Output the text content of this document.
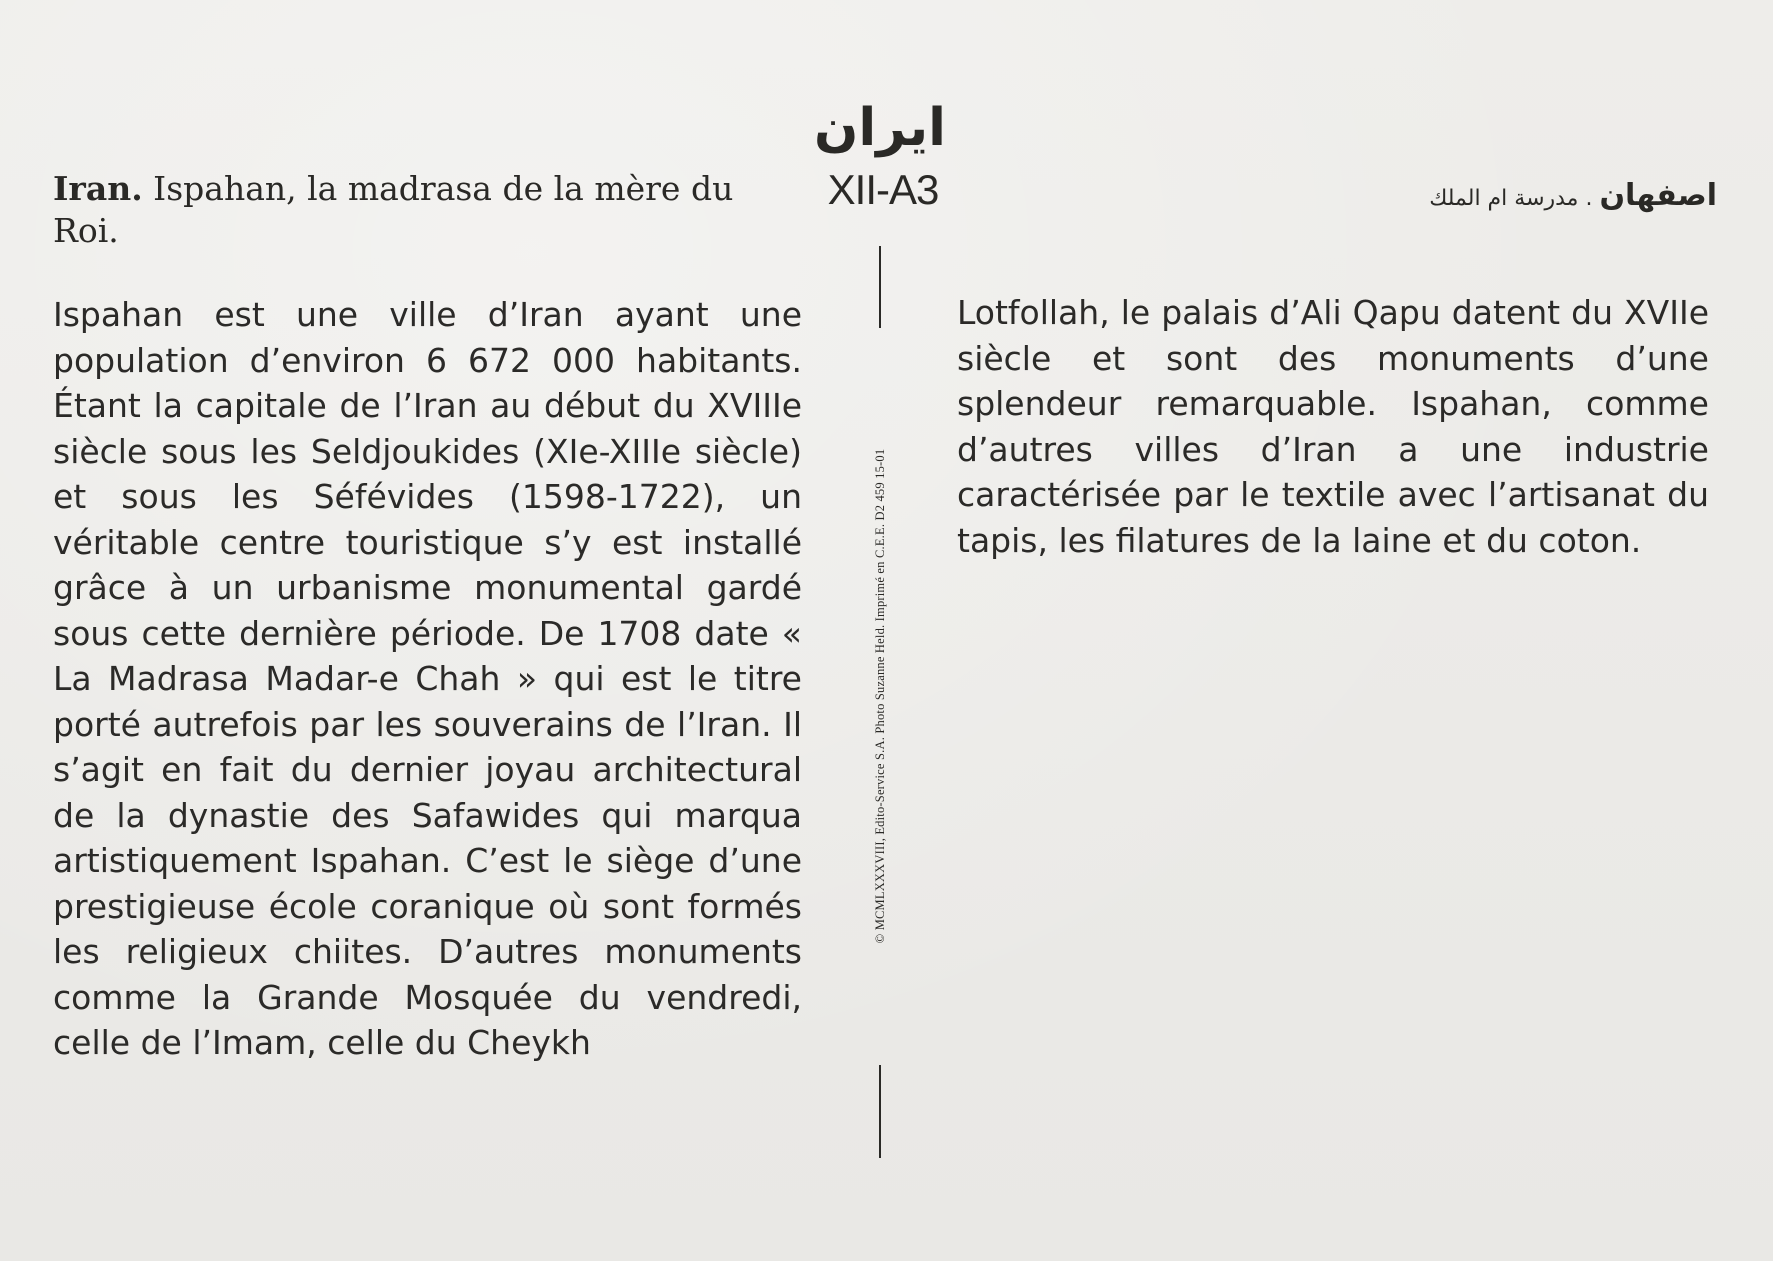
Iran. Ispahan, la madrasa de la mère du Roi.
ايران
XII-A3	اصفهان . مدرسة ام الملك

Ispahan est une ville d’Iran ayant une population d’environ 6 672 000 habitants. Étant la capitale de l’Iran au début du XVIIIe siècle sous les Seldjoukides (XIe-XIIIe siècle) et sous les Séfévides (1598-1722), un véritable centre touristique s’y est installé grâce à un urbanisme monumental gardé sous cette dernière période. De 1708 date « La Madrasa Madar-e Chah » qui est le titre porté autrefois par les souverains de l’Iran. Il s’agit en fait du dernier joyau architectural de la dynastie des Safawides qui marqua artistiquement Ispahan. C’est le siège d’une prestigieuse école coranique où sont formés les religieux chiites. D’autres monuments comme la Grande Mosquée du vendredi, celle de l’Imam, celle du Cheykh

© MCMLXXXVIII, Edito-Service S.A. Photo Suzanne Held. Imprimé en C.E.E. D2 459 15-01

Lotfollah, le palais d’Ali Qapu datent du XVIIe siècle et sont des monuments d’une splendeur remarquable. Ispahan, comme d’autres villes d’Iran a une industrie caractérisée par le textile avec l’artisanat du tapis, les filatures de la laine et du coton.
